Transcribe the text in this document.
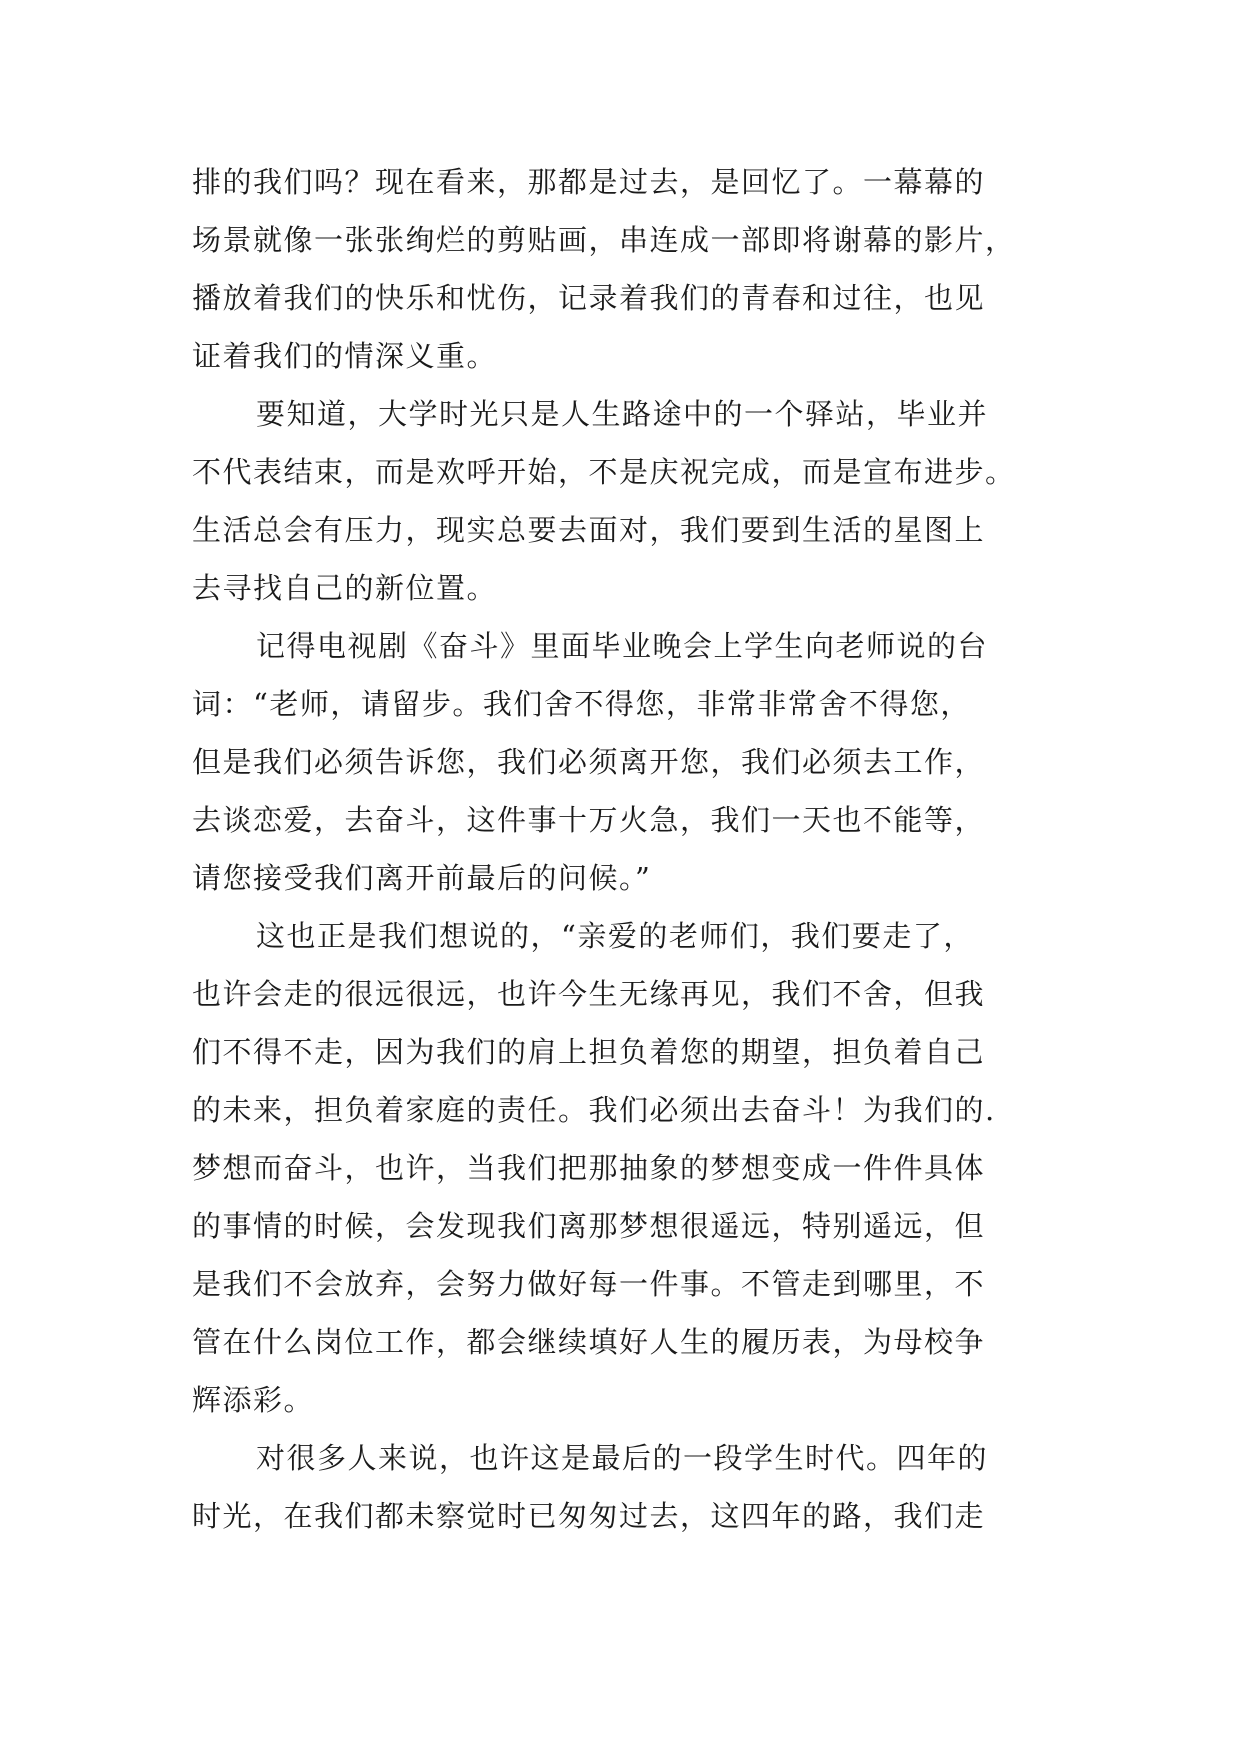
排的我们吗？现在看来，那都是过去，是回忆了。一幕幕的
场景就像一张张绚烂的剪贴画，串连成一部即将谢幕的影片，
播放着我们的快乐和忧伤，记录着我们的青春和过往，也见
证着我们的情深义重。
要知道，大学时光只是人生路途中的一个驿站，毕业并
不代表结束，而是欢呼开始，不是庆祝完成，而是宣布进步。
生活总会有压力，现实总要去面对，我们要到生活的星图上
去寻找自己的新位置。
记得电视剧《奋斗》里面毕业晚会上学生向老师说的台
词：“老师，请留步。我们舍不得您，非常非常舍不得您，
但是我们必须告诉您，我们必须离开您，我们必须去工作，
去谈恋爱，去奋斗，这件事十万火急，我们一天也不能等，
请您接受我们离开前最后的问候。”
这也正是我们想说的，“亲爱的老师们，我们要走了，
也许会走的很远很远，也许今生无缘再见，我们不舍，但我
们不得不走，因为我们的肩上担负着您的期望，担负着自己
的未来，担负着家庭的责任。我们必须出去奋斗！为我们的.
梦想而奋斗，也许，当我们把那抽象的梦想变成一件件具体
的事情的时候，会发现我们离那梦想很遥远，特别遥远，但
是我们不会放弃，会努力做好每一件事。不管走到哪里，不
管在什么岗位工作，都会继续填好人生的履历表，为母校争
辉添彩。
对很多人来说，也许这是最后的一段学生时代。四年的
时光，在我们都未察觉时已匆匆过去，这四年的路，我们走
